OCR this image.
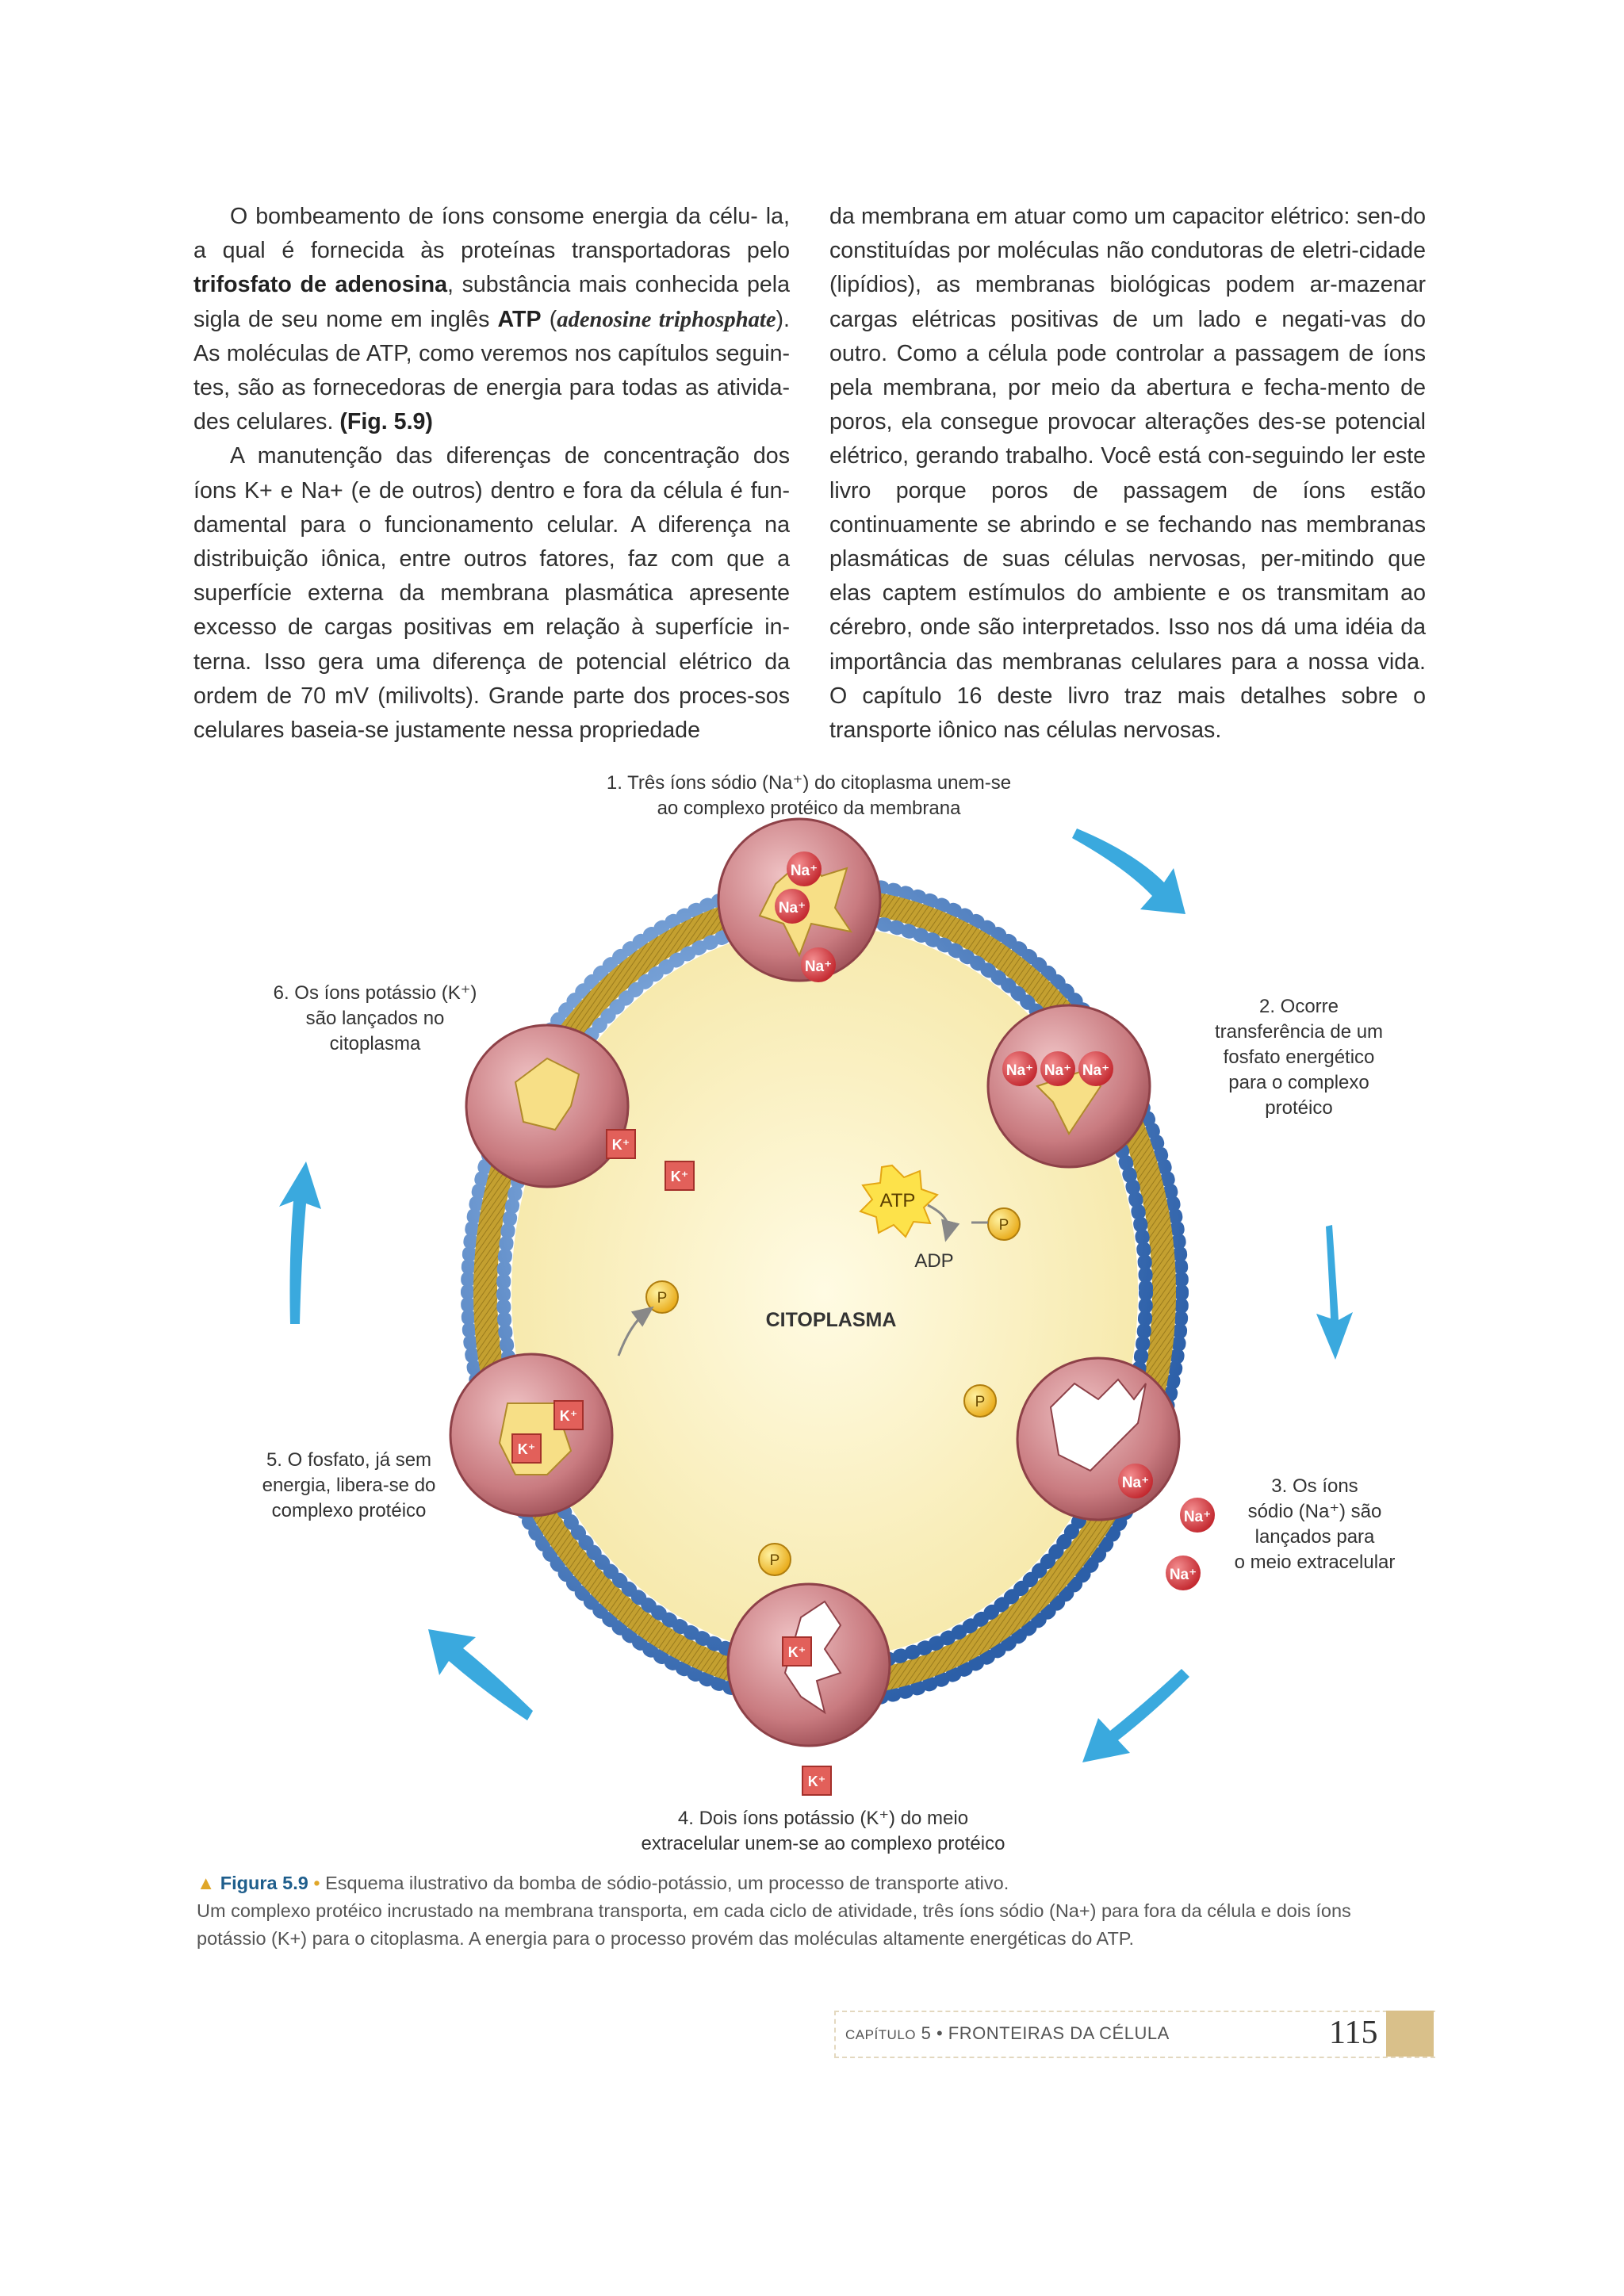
O bombeamento de íons consome energia da célu- la, a qual é fornecida às proteínas transportadoras pelo trifosfato de adenosina, substância mais conhecida pela sigla de seu nome em inglês ATP (adenosine triphosphate). As moléculas de ATP, como veremos nos capítulos seguin- tes, são as fornecedoras de energia para todas as ativida- des celulares. (Fig. 5.9)

A manutenção das diferenças de concentração dos íons K+ e Na+ (e de outros) dentro e fora da célula é fun-damental para o funcionamento celular. A diferença na distribuição iônica, entre outros fatores, faz com que a superfície externa da membrana plasmática apresente excesso de cargas positivas em relação à superfície in-terna. Isso gera uma diferença de potencial elétrico da ordem de 70 mV (milivolts). Grande parte dos proces-sos celulares baseia-se justamente nessa propriedade

da membrana em atuar como um capacitor elétrico: sen-do constituídas por moléculas não condutoras de eletri-cidade (lipídios), as membranas biológicas podem ar-mazenar cargas elétricas positivas de um lado e negati-vas do outro. Como a célula pode controlar a passagem de íons pela membrana, por meio da abertura e fecha-mento de poros, ela consegue provocar alterações des-se potencial elétrico, gerando trabalho. Você está con-seguindo ler este livro porque poros de passagem de íons estão continuamente se abrindo e se fechando nas membranas plasmáticas de suas células nervosas, per-mitindo que elas captem estímulos do ambiente e os transmitam ao cérebro, onde são interpretados. Isso nos dá uma idéia da importância das membranas celulares para a nossa vida. O capítulo 16 deste livro traz mais detalhes sobre o transporte iônico nas células nervosas.

CITOPLASMA
Na⁺
Na⁺
Na⁺
Na⁺ Na⁺ Na⁺
P
ATP
ADP
P
Na⁺
Na⁺
Na⁺
P
K⁺
K⁺
K⁺
K⁺
P
K⁺
K⁺
1. Três íons sódio (Na⁺) do citoplasma unem-se
ao complexo protéico da membrana
2. Ocorre
transferência de um
fosfato energético
para o complexo
protéico
3. Os íons
sódio (Na⁺) são
lançados para
o meio extracelular
4. Dois íons potássio (K⁺) do meio
extracelular unem-se ao complexo protéico
5. O fosfato, já sem
energia, libera-se do
complexo protéico
6. Os íons potássio (K⁺)
são lançados no
citoplasma
▲ Figura 5.9 • Esquema ilustrativo da bomba de sódio-potássio, um processo de transporte ativo.
Um complexo protéico incrustado na membrana transporta, em cada ciclo de atividade, três íons sódio (Na+) para fora da célula e dois íons potássio (K+) para o citoplasma. A energia para o processo provém das moléculas altamente energéticas do ATP.
CAPÍTULO 5 • FRONTEIRAS DA CÉLULA	115
